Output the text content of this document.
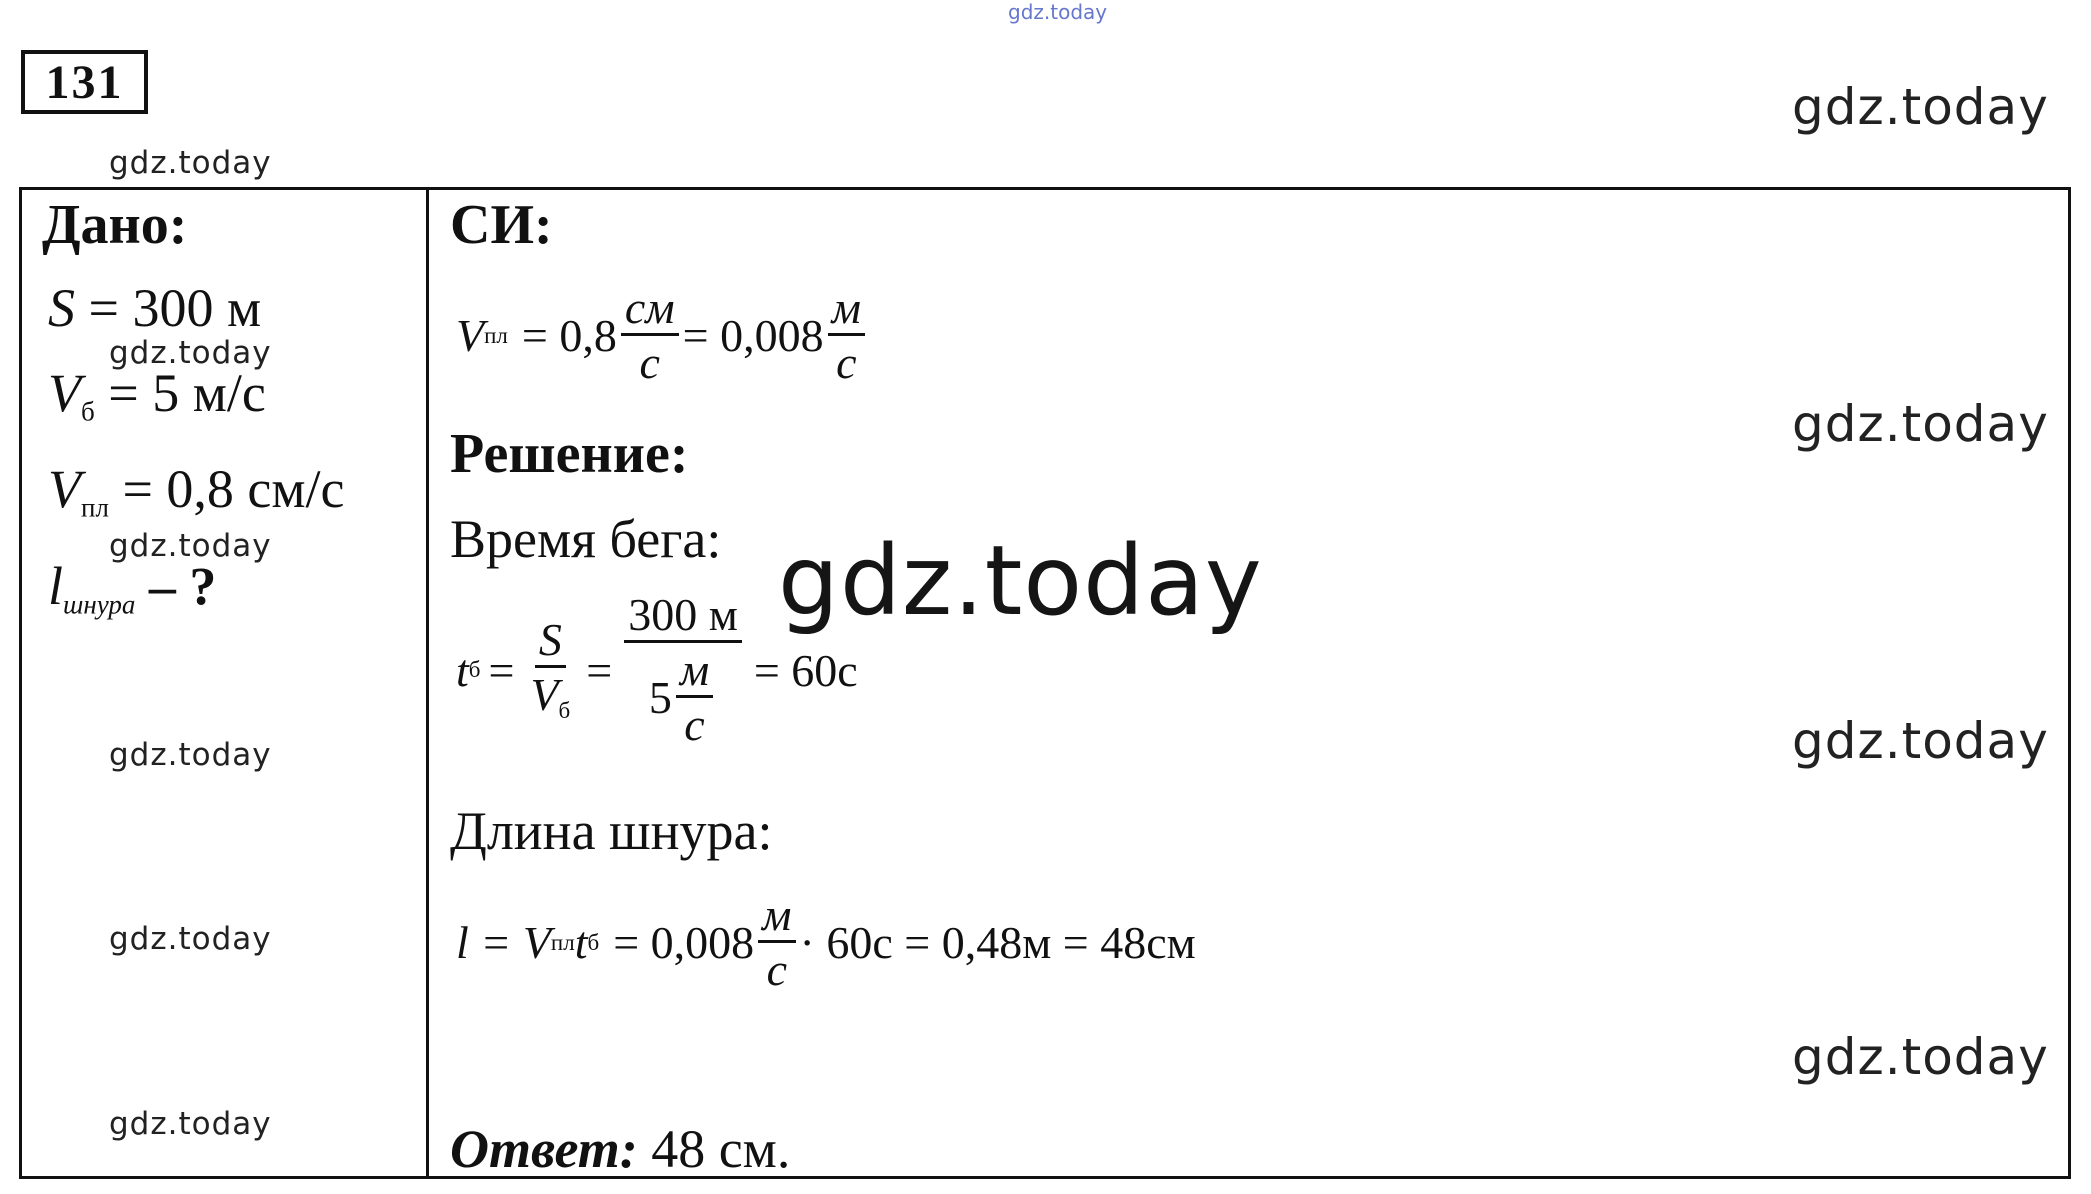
gdz.today
131	gdz.today
gdz.today
gdz.today
gdz.today
gdz.today
gdz.today
gdz.today
gdz.today
gdz.today
gdz.today
gdz.today
Дано:
S = 300 м
$V_б = 5$ м/с
$V_{пл} = 0,8$ см/с
$l_{шнура}$ – ?
СИ:
V пл = $0,8 \frac{см}{с} = 0,008 \frac{м}{с}$
Решение:
Время бега:
t $б = \frac{S}{V_б} = \frac{300 м}{5 \frac{м}{с}} = 60с$
Длина шнура:
l = V пл t $б = 0,008 \frac{м}{с} \cdot 60с = 0,48м = 48см$
Ответ: 48 см.
